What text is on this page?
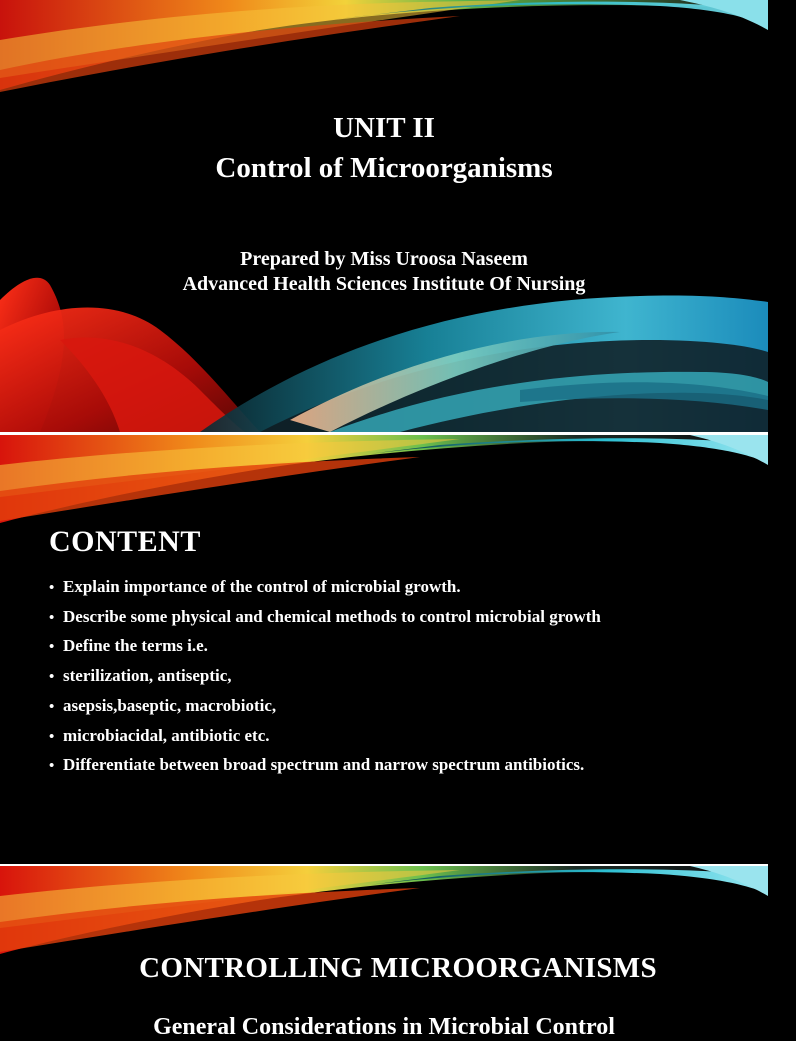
UNIT II
Control of Microorganisms
Prepared by Miss Uroosa Naseem
Advanced Health Sciences Institute Of Nursing
CONTENT
• Explain importance of the control of microbial growth.
• Describe some physical and chemical methods to control microbial growth
• Define the terms i.e.
• sterilization, antiseptic,
• asepsis,baseptic, macrobiotic,
• microbiacidal, antibiotic etc.
• Differentiate between broad spectrum and narrow spectrum antibiotics.
CONTROLLING MICROORGANISMS
General Considerations in Microbial Control
